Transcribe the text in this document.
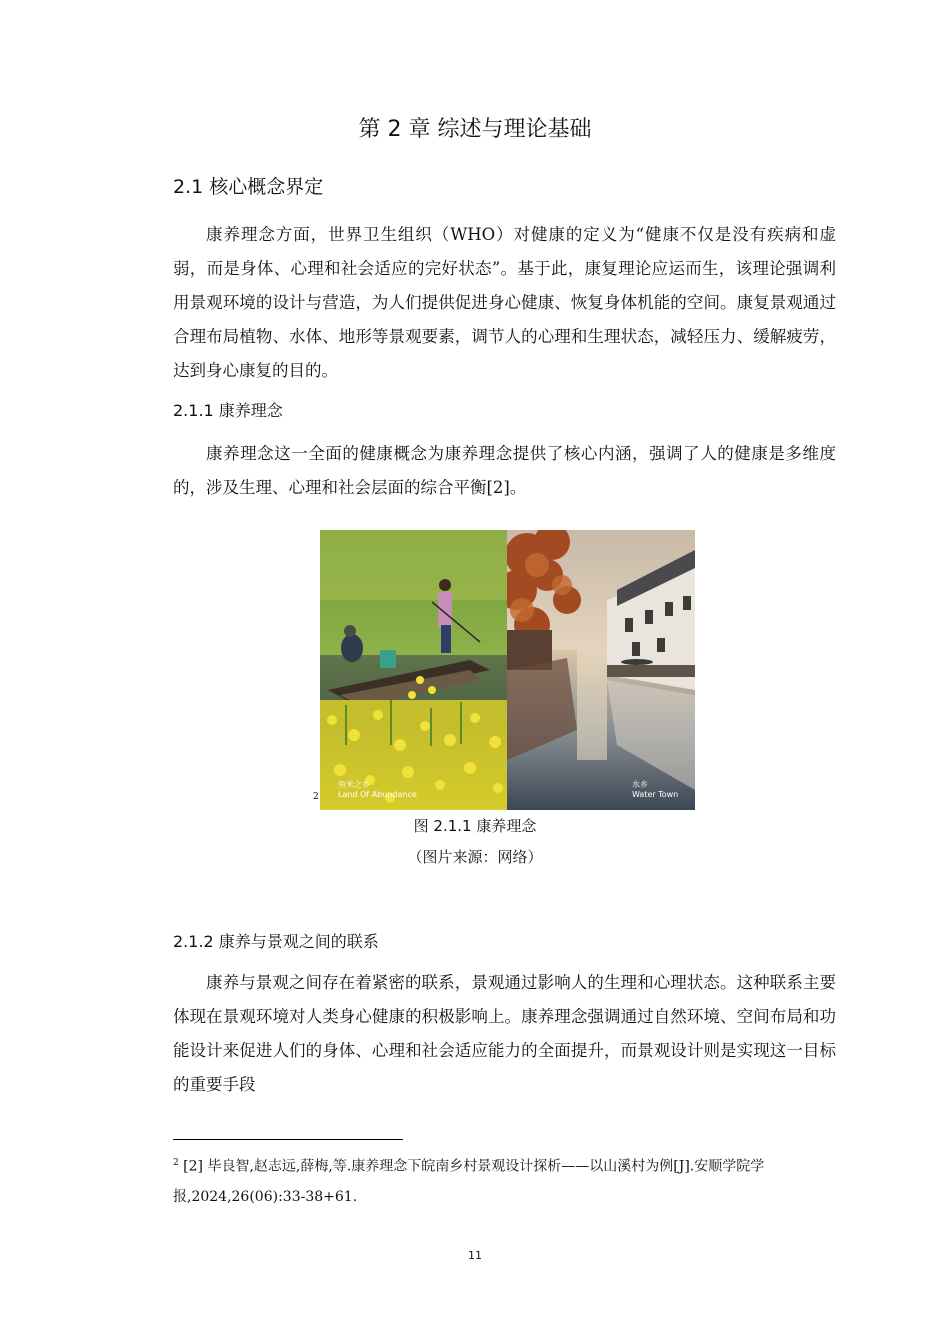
第 2 章 综述与理论基础
2.1 核心概念界定

康养理念方面，世界卫生组织（WHO）对健康的定义为“健康不仅是没有疾病和虚弱，而是身体、心理和社会适应的完好状态”。基于此，康复理论应运而生，该理论强调利用景观环境的设计与营造，为人们提供促进身心健康、恢复身体机能的空间。康复景观通过合理布局植物、水体、地形等景观要素，调节人的心理和生理状态，减轻压力、缓解疲劳，达到身心康复的目的。

2.1.1 康养理念

康养理念这一全面的健康概念为康养理念提供了核心内涵，强调了人的健康是多维度的，涉及生理、心理和社会层面的综合平衡[2]。

2
鱼米之乡
Land Of Abundance
水乡
Water Town
图 2.1.1 康养理念
（图片来源：网络）
2.1.2 康养与景观之间的联系

康养与景观之间存在着紧密的联系，景观通过影响人的生理和心理状态。这种联系主要体现在景观环境对人类身心健康的积极影响上。康养理念强调通过自然环境、空间布局和功能设计来促进人们的身体、心理和社会适应能力的全面提升，而景观设计则是实现这一目标的重要手段

$^2$ [2] 毕良智,赵志远,薛梅,等.康养理念下皖南乡村景观设计探析——以山溪村为例[J].安顺学院学报,2024,26(06):33-38+61.
11
